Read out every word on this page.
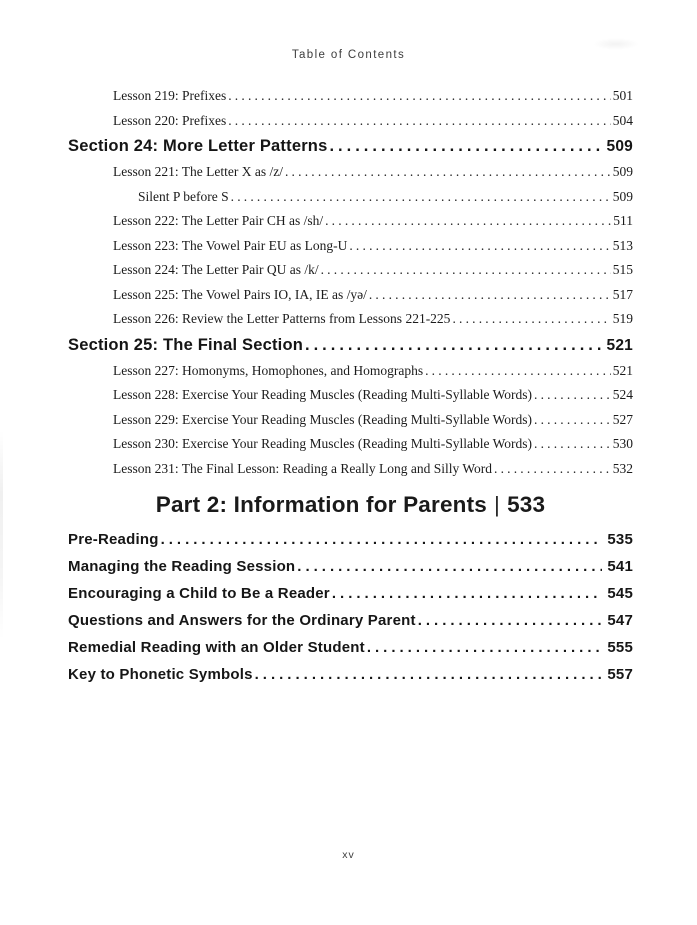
Table of Contents
Lesson 219: Prefixes .....	501
Lesson 220: Prefixes .....	504
Section 24: More Letter Patterns .....	509
Lesson 221: The Letter X as /z/ .....	509
Silent P before S .....	509
Lesson 222: The Letter Pair CH as /sh/ .....	511
Lesson 223: The Vowel Pair EU as Long-U .....	513
Lesson 224: The Letter Pair QU as /k/ .....	515
Lesson 225: The Vowel Pairs IO, IA, IE as /yə/ .....	517
Lesson 226: Review the Letter Patterns from Lessons 221-225 .....	519
Section 25: The Final Section .....	521
Lesson 227: Homonyms, Homophones, and Homographs .....	521
Lesson 228: Exercise Your Reading Muscles (Reading Multi-Syllable Words) .....	524
Lesson 229: Exercise Your Reading Muscles (Reading Multi-Syllable Words) .....	527
Lesson 230: Exercise Your Reading Muscles (Reading Multi-Syllable Words) .....	530
Lesson 231: The Final Lesson: Reading a Really Long and Silly Word .....	532
Part 2: Information for Parents | 533
Pre-Reading .....	535
Managing the Reading Session .....	541
Encouraging a Child to Be a Reader .....	545
Questions and Answers for the Ordinary Parent .....	547
Remedial Reading with an Older Student .....	555
Key to Phonetic Symbols .....	557
xv
